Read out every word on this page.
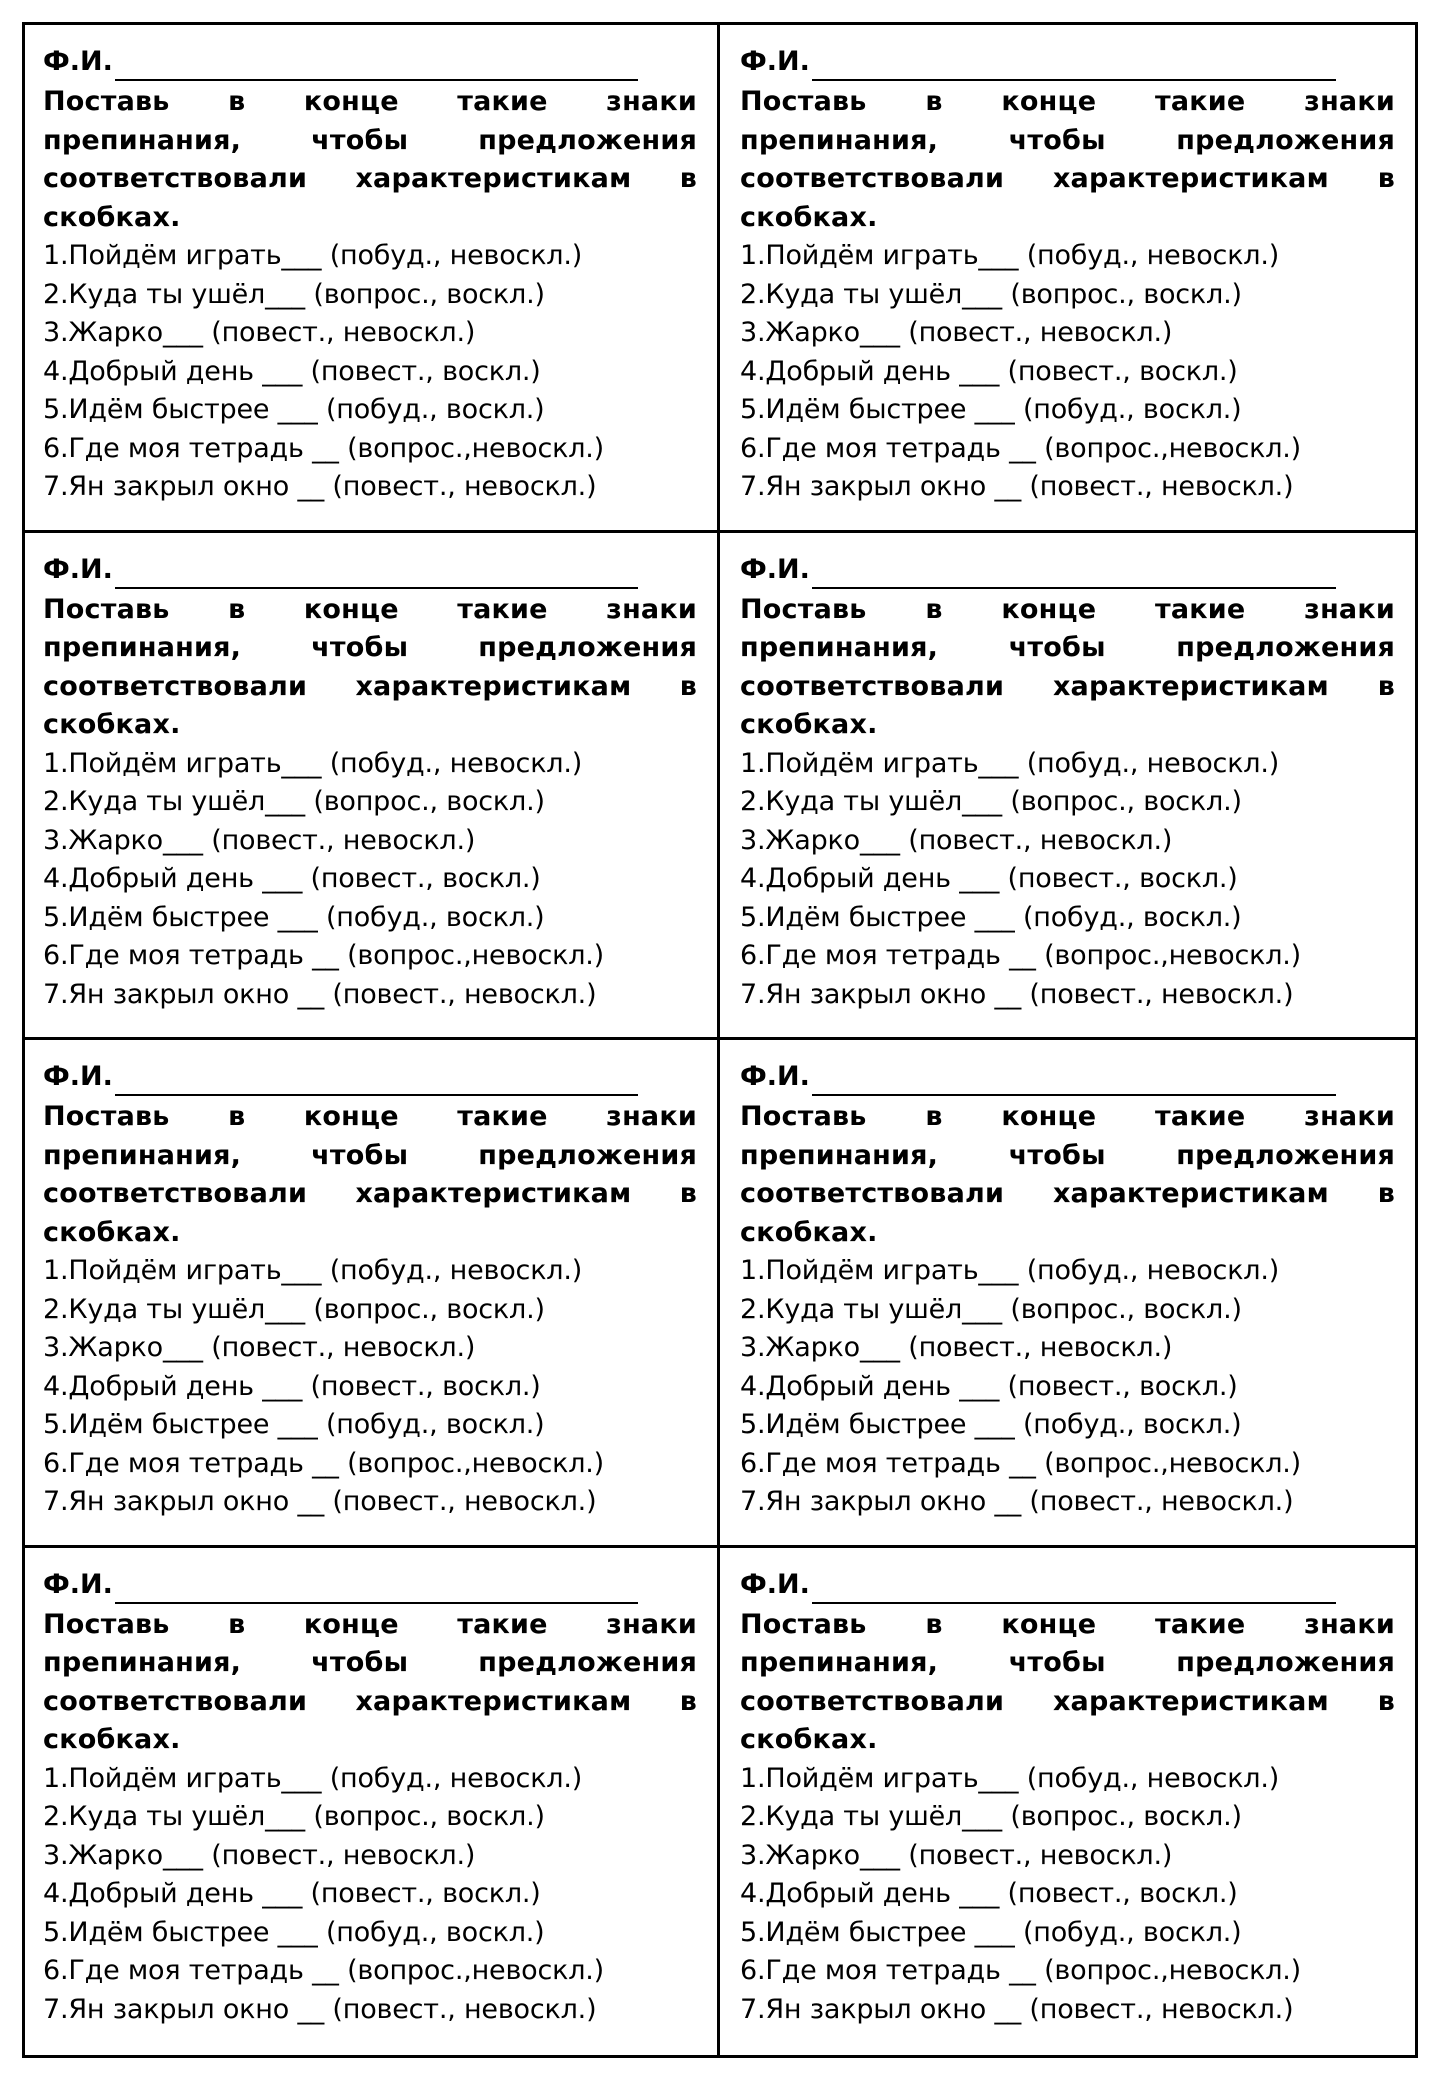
Ф.И.
Поставь в конце такие знаки препинания, чтобы предложения соответствовали характеристикам в скобках.
1.Пойдём играть___ (побуд., невоскл.)
2.Куда ты ушёл___ (вопрос., воскл.)
3.Жарко___ (повест., невоскл.)
4.Добрый день ___ (повест., воскл.)
5.Идём быстрее ___ (побуд., воскл.)
6.Где моя тетрадь __ (вопрос.,невоскл.)
7.Ян закрыл окно __ (повест., невоскл.)
Ф.И.
Поставь в конце такие знаки препинания, чтобы предложения соответствовали характеристикам в скобках.
1.Пойдём играть___ (побуд., невоскл.)
2.Куда ты ушёл___ (вопрос., воскл.)
3.Жарко___ (повест., невоскл.)
4.Добрый день ___ (повест., воскл.)
5.Идём быстрее ___ (побуд., воскл.)
6.Где моя тетрадь __ (вопрос.,невоскл.)
7.Ян закрыл окно __ (повест., невоскл.)
Ф.И.
Поставь в конце такие знаки препинания, чтобы предложения соответствовали характеристикам в скобках.
1.Пойдём играть___ (побуд., невоскл.)
2.Куда ты ушёл___ (вопрос., воскл.)
3.Жарко___ (повест., невоскл.)
4.Добрый день ___ (повест., воскл.)
5.Идём быстрее ___ (побуд., воскл.)
6.Где моя тетрадь __ (вопрос.,невоскл.)
7.Ян закрыл окно __ (повест., невоскл.)
Ф.И.
Поставь в конце такие знаки препинания, чтобы предложения соответствовали характеристикам в скобках.
1.Пойдём играть___ (побуд., невоскл.)
2.Куда ты ушёл___ (вопрос., воскл.)
3.Жарко___ (повест., невоскл.)
4.Добрый день ___ (повест., воскл.)
5.Идём быстрее ___ (побуд., воскл.)
6.Где моя тетрадь __ (вопрос.,невоскл.)
7.Ян закрыл окно __ (повест., невоскл.)
Ф.И.
Поставь в конце такие знаки препинания, чтобы предложения соответствовали характеристикам в скобках.
1.Пойдём играть___ (побуд., невоскл.)
2.Куда ты ушёл___ (вопрос., воскл.)
3.Жарко___ (повест., невоскл.)
4.Добрый день ___ (повест., воскл.)
5.Идём быстрее ___ (побуд., воскл.)
6.Где моя тетрадь __ (вопрос.,невоскл.)
7.Ян закрыл окно __ (повест., невоскл.)
Ф.И.
Поставь в конце такие знаки препинания, чтобы предложения соответствовали характеристикам в скобках.
1.Пойдём играть___ (побуд., невоскл.)
2.Куда ты ушёл___ (вопрос., воскл.)
3.Жарко___ (повест., невоскл.)
4.Добрый день ___ (повест., воскл.)
5.Идём быстрее ___ (побуд., воскл.)
6.Где моя тетрадь __ (вопрос.,невоскл.)
7.Ян закрыл окно __ (повест., невоскл.)
Ф.И.
Поставь в конце такие знаки препинания, чтобы предложения соответствовали характеристикам в скобках.
1.Пойдём играть___ (побуд., невоскл.)
2.Куда ты ушёл___ (вопрос., воскл.)
3.Жарко___ (повест., невоскл.)
4.Добрый день ___ (повест., воскл.)
5.Идём быстрее ___ (побуд., воскл.)
6.Где моя тетрадь __ (вопрос.,невоскл.)
7.Ян закрыл окно __ (повест., невоскл.)
Ф.И.
Поставь в конце такие знаки препинания, чтобы предложения соответствовали характеристикам в скобках.
1.Пойдём играть___ (побуд., невоскл.)
2.Куда ты ушёл___ (вопрос., воскл.)
3.Жарко___ (повест., невоскл.)
4.Добрый день ___ (повест., воскл.)
5.Идём быстрее ___ (побуд., воскл.)
6.Где моя тетрадь __ (вопрос.,невоскл.)
7.Ян закрыл окно __ (повест., невоскл.)
